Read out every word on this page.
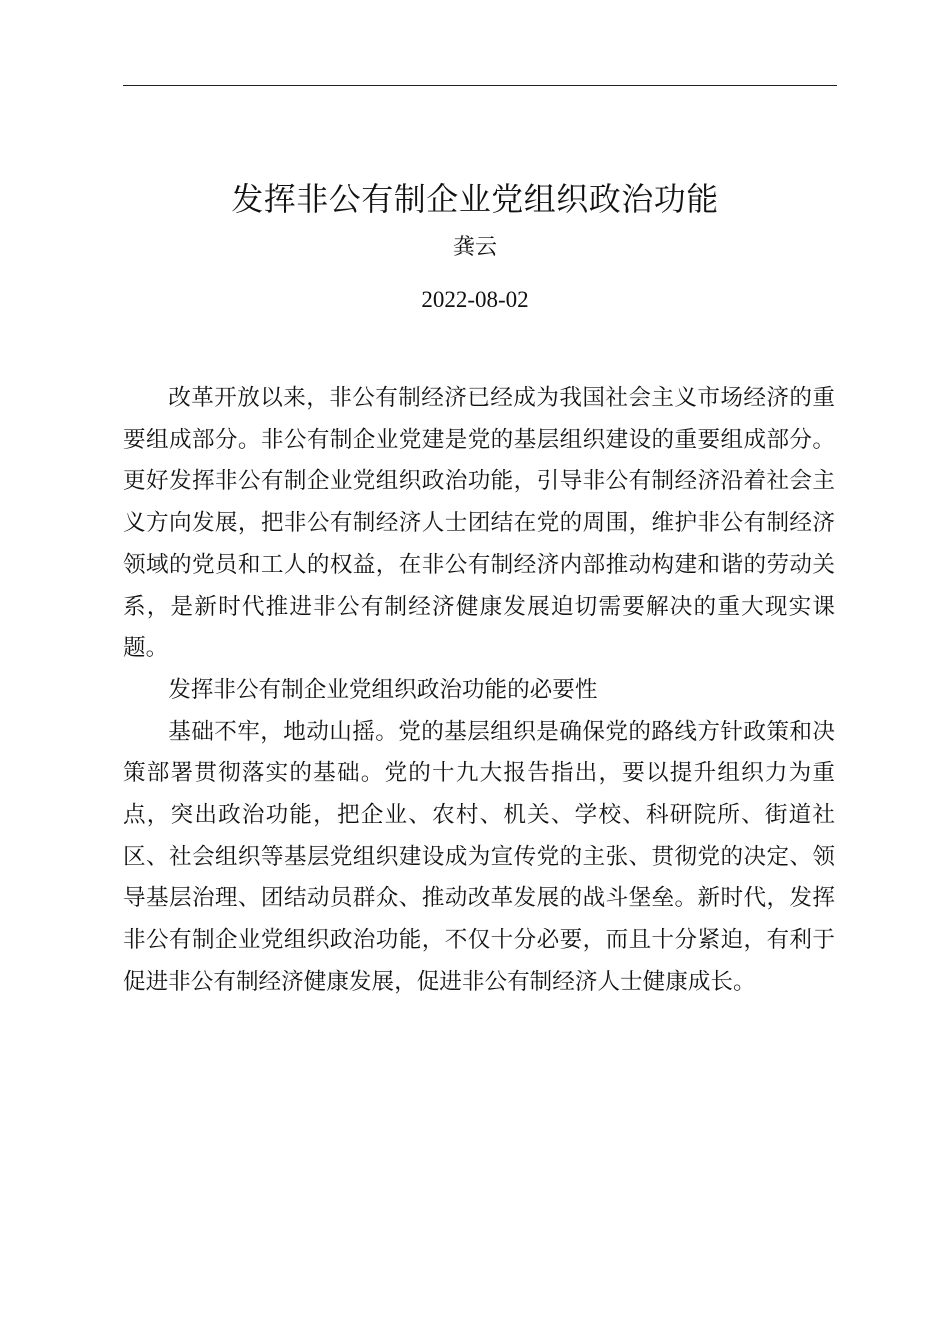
发挥非公有制企业党组织政治功能
龚云
2022-08-02

改革开放以来，非公有制经济已经成为我国社会主义市场经济的重要组成部分。非公有制企业党建是党的基层组织建设的重要组成部分。更好发挥非公有制企业党组织政治功能，引导非公有制经济沿着社会主义方向发展，把非公有制经济人士团结在党的周围，维护非公有制经济领域的党员和工人的权益，在非公有制经济内部推动构建和谐的劳动关系，是新时代推进非公有制经济健康发展迫切需要解决的重大现实课题。

发挥非公有制企业党组织政治功能的必要性

基础不牢，地动山摇。党的基层组织是确保党的路线方针政策和决策部署贯彻落实的基础。党的十九大报告指出，要以提升组织力为重点，突出政治功能，把企业、农村、机关、学校、科研院所、街道社区、社会组织等基层党组织建设成为宣传党的主张、贯彻党的决定、领导基层治理、团结动员群众、推动改革发展的战斗堡垒。新时代，发挥非公有制企业党组织政治功能，不仅十分必要，而且十分紧迫，有利于促进非公有制经济健康发展，促进非公有制经济人士健康成长。
